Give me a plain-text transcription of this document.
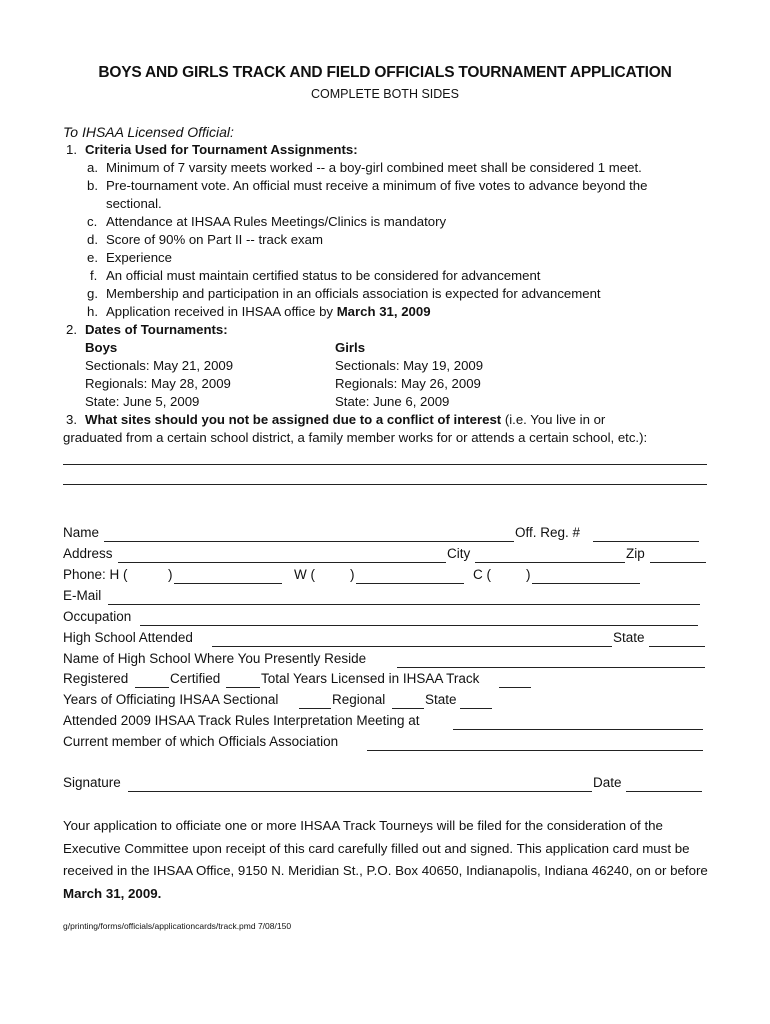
BOYS AND GIRLS TRACK AND FIELD OFFICIALS TOURNAMENT APPLICATION
COMPLETE BOTH SIDES
To IHSAA Licensed Official:
1. Criteria Used for Tournament Assignments:
a. Minimum of 7 varsity meets worked -- a boy-girl combined meet shall be considered 1 meet.
b. Pre-tournament vote. An official must receive a minimum of five votes to advance beyond the
sectional.
c. Attendance at IHSAA Rules Meetings/Clinics is mandatory
d. Score of 90% on Part II -- track exam
e. Experience
f. An official must maintain certified status to be considered for advancement
g. Membership and participation in an officials association is expected for advancement
h. Application received in IHSAA office by March 31, 2009
2. Dates of Tournaments:
Boys
Sectionals: May 21, 2009
Regionals: May 28, 2009
State: June 5, 2009
Girls
Sectionals: May 19, 2009
Regionals: May 26, 2009
State: June 6, 2009
3. What sites should you not be assigned due to a conflict of interest (i.e. You live in or
graduated from a certain school district, a family member works for or attends a certain school, etc.):
Name	Off. Reg. #
Address	City	Zip
Phone: H (	)	W (	)	C (	)
E-Mail
Occupation
High School Attended	State
Name of High School Where You Presently Reside
Registered	Certified	Total Years Licensed in IHSAA Track
Years of Officiating IHSAA Sectional	Regional	State
Attended 2009 IHSAA Track Rules Interpretation Meeting at
Current member of which Officials Association
Signature	Date
Your application to officiate one or more IHSAA Track Tourneys will be filed for the consideration of the Executive Committee upon receipt of this card carefully filled out and signed. This application card must be received in the IHSAA Office, 9150 N. Meridian St., P.O. Box 40650, Indianapolis, Indiana 46240, on or before March 31, 2009.
g/printing/forms/officials/applicationcards/track.pmd 7/08/150
